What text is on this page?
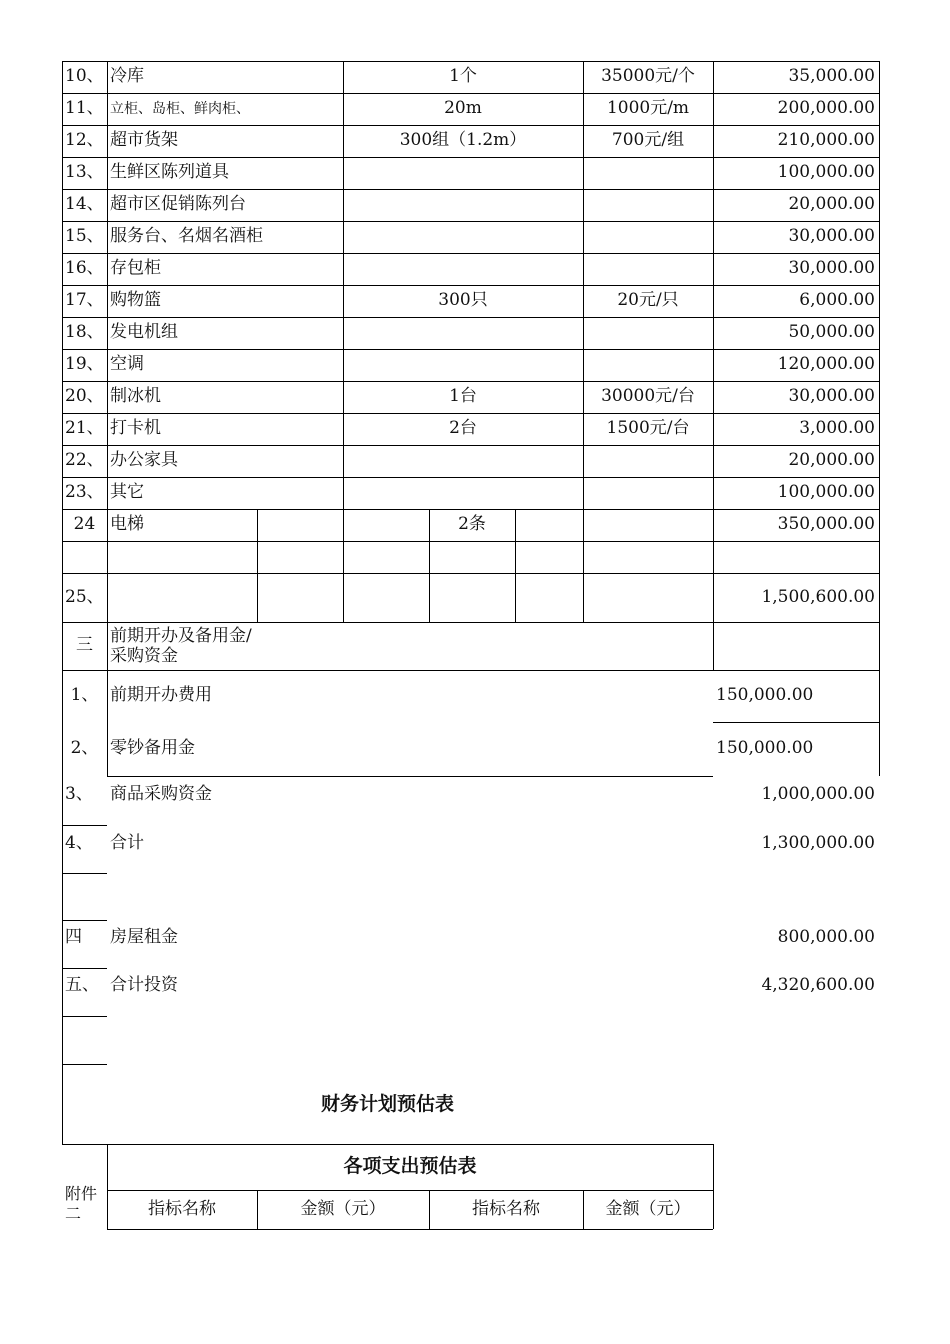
10、 冷库	1个	35000元/个	35,000.00
11、 立柜、岛柜、鲜肉柜、	20m	1000元/m	200,000.00
12、 超市货架	300组（1.2m）	700元/组	210,000.00
13、 生鲜区陈列道具	100,000.00
14、 超市区促销陈列台	20,000.00
15、 服务台、名烟名酒柜	30,000.00
16、 存包柜	30,000.00
17、 购物篮	300只	20元/只	6,000.00
18、 发电机组	50,000.00
19、 空调	120,000.00
20、 制冰机	1台	30000元/台	30,000.00
21、 打卡机	2台	1500元/台	3,000.00
22、 办公家具	20,000.00
23、 其它	100,000.00
24 电梯	2条	350,000.00
25、	1,500,600.00
三	前期开办及备用金/采购资金
1、 前期开办费用	150,000.00
2、 零钞备用金	150,000.00
3、	商品采购资金	1,000,000.00
4、	合计	1,300,000.00
四	房屋租金	800,000.00
五、 合计投资	4,320,600.00
财务计划预估表
各项支出预估表
附件二	指标名称	金额（元）	指标名称	金额（元）
